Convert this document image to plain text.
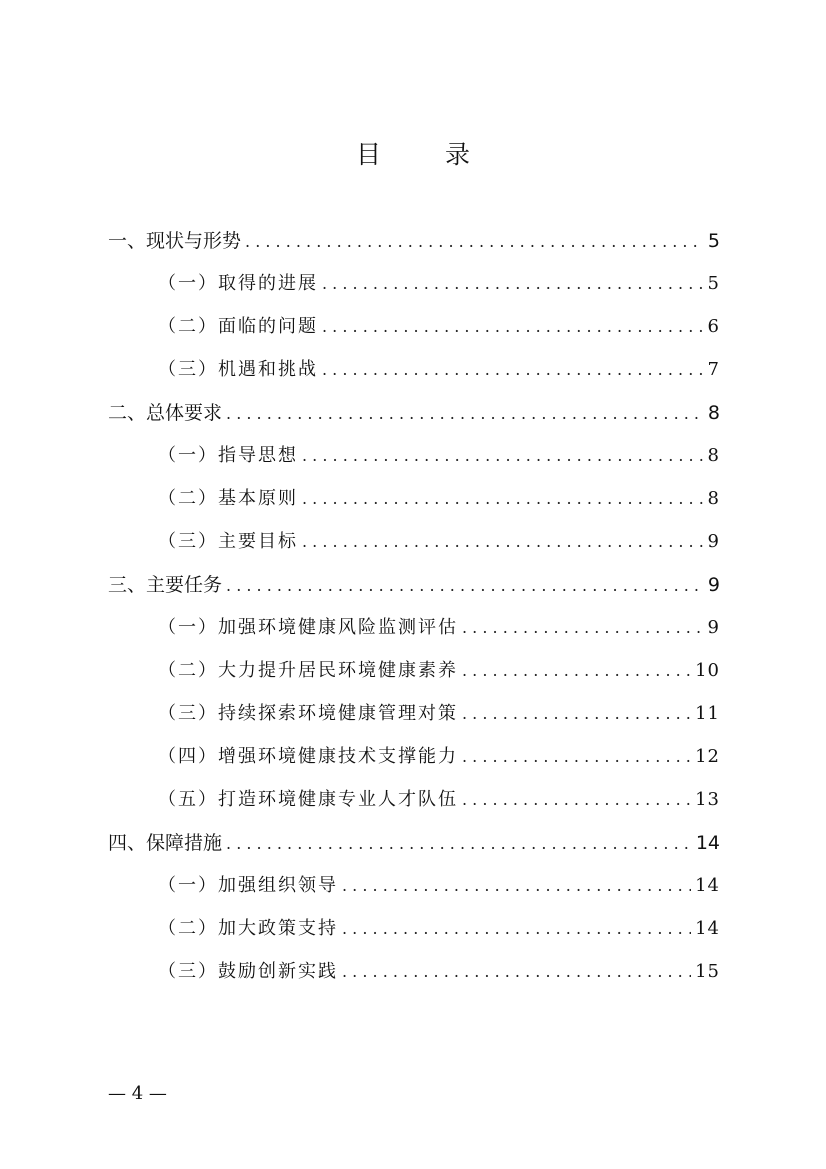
目 录
一、现状与形势 . . .	5
（一）取得的进展 . . .	5
（二）面临的问题 . . .	6
（三）机遇和挑战 . . .	7
二、总体要求 . . .	8
（一）指导思想 . . .	8
（二）基本原则 . . .	8
（三）主要目标 . . .	9
三、主要任务 . . .	9
（一）加强环境健康风险监测评估 . . .	9
（二）大力提升居民环境健康素养 . . .	10
（三）持续探索环境健康管理对策 . . .	11
（四）增强环境健康技术支撑能力 . . .	12
（五）打造环境健康专业人才队伍 . . .	13
四、保障措施 . . .	14
（一）加强组织领导 . . .	14
（二）加大政策支持 . . .	14
（三）鼓励创新实践 . . .	15
— 4 —
